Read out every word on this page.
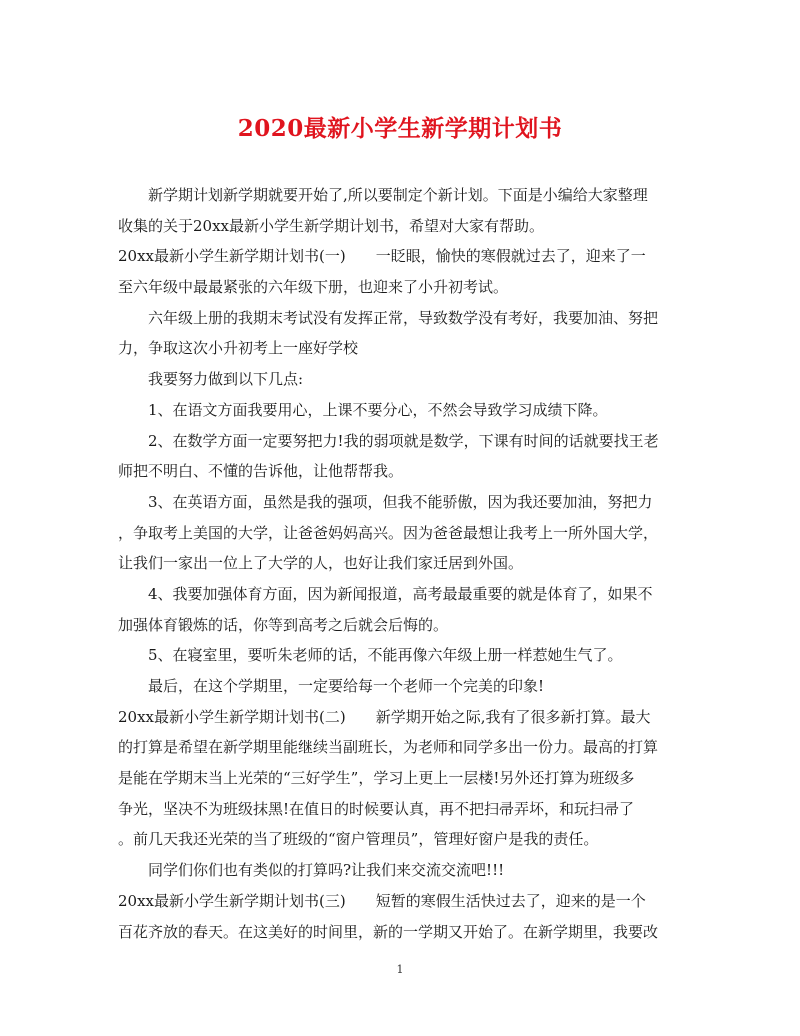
2020最新小学生新学期计划书
新学期计划新学期就要开始了,所以要制定个新计划。下面是小编给大家整理
收集的关于20xx最新小学生新学期计划书，希望对大家有帮助。
20xx最新小学生新学期计划书(一)　　一眨眼，愉快的寒假就过去了，迎来了一
至六年级中最最紧张的六年级下册，也迎来了小升初考试。
六年级上册的我期末考试没有发挥正常，导致数学没有考好，我要加油、努把
力，争取这次小升初考上一座好学校
我要努力做到以下几点:
1、在语文方面我要用心，上课不要分心，不然会导致学习成绩下降。
2、在数学方面一定要努把力!我的弱项就是数学，下课有时间的话就要找王老
师把不明白、不懂的告诉他，让他帮帮我。
3、在英语方面，虽然是我的强项，但我不能骄傲，因为我还要加油，努把力
，争取考上美国的大学，让爸爸妈妈高兴。因为爸爸最想让我考上一所外国大学，
让我们一家出一位上了大学的人，也好让我们家迁居到外国。
4、我要加强体育方面，因为新闻报道，高考最最重要的就是体育了，如果不
加强体育锻炼的话，你等到高考之后就会后悔的。
5、在寝室里，要听朱老师的话，不能再像六年级上册一样惹她生气了。
最后，在这个学期里，一定要给每一个老师一个完美的印象!
20xx最新小学生新学期计划书(二)　　新学期开始之际,我有了很多新打算。最大
的打算是希望在新学期里能继续当副班长，为老师和同学多出一份力。最高的打算
是能在学期末当上光荣的“三好学生”，学习上更上一层楼!另外还打算为班级多
争光，坚决不为班级抹黑!在值日的时候要认真，再不把扫帚弄坏，和玩扫帚了
。前几天我还光荣的当了班级的“窗户管理员”，管理好窗户是我的责任。
同学们你们也有类似的打算吗?让我们来交流交流吧!!!
20xx最新小学生新学期计划书(三)　　短暂的寒假生活快过去了，迎来的是一个
百花齐放的春天。在这美好的时间里，新的一学期又开始了。在新学期里，我要改
1
